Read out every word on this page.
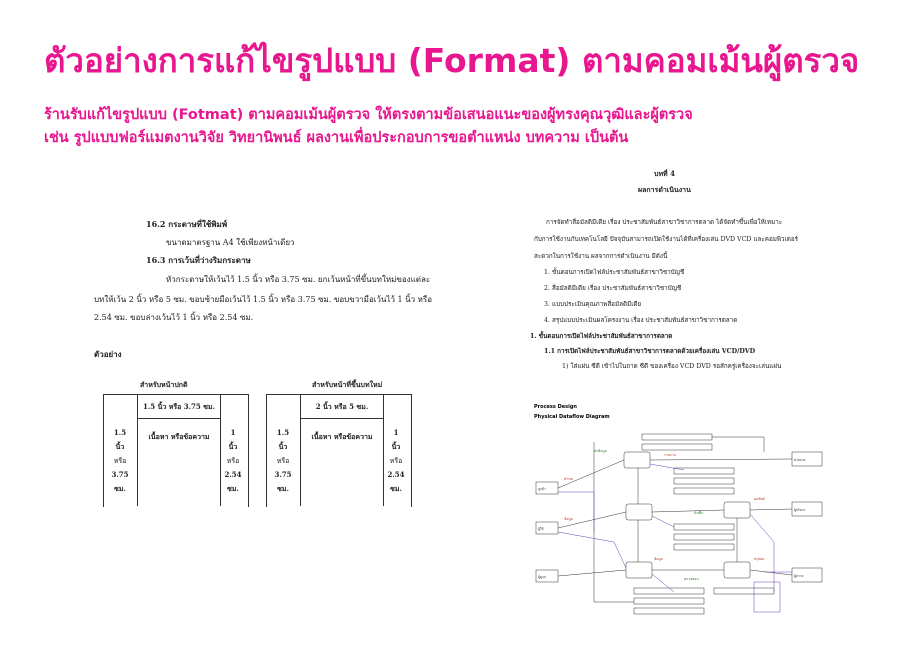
ตัวอย่างการแก้ไขรูปแบบ (Format) ตามคอมเม้นผู้ตรวจ
ร้านรับแก้ไขรูปแบบ (Fotmat) ตามคอมเม้นผู้ตรวจ ให้ตรงตามข้อเสนอแนะของผู้ทรงคุณวุฒิและผู้ตรวจ
เช่น รูปแบบฟอร์แมตงานวิจัย วิทยานิพนธ์ ผลงานเพื่อประกอบการขอตำแหน่ง บทความ เป็นต้น
16.2 กระดาษที่ใช้พิมพ์
ขนาดมาตรฐาน A4 ใช้เพียงหน้าเดียว
16.3 การเว้นที่ว่างริมกระดาษ
หัวกระดาษให้เว้นไว้ 1.5 นิ้ว หรือ 3.75 ซม. ยกเว้นหน้าที่ขึ้นบทใหม่ของแต่ละ
บทให้เว้น 2 นิ้ว หรือ 5 ซม. ขอบซ้ายมือเว้นไว้ 1.5 นิ้ว หรือ 3.75 ซม. ขอบขวามือเว้นไว้ 1 นิ้ว หรือ
2.54 ซม. ขอบล่างเว้นไว้ 1 นิ้ว หรือ 2.54 ซม.
ตัวอย่าง
สำหรับหน้าปกติ
1.5 นิ้ว หรือ 3.75 ซม.
เนื้อหา หรือข้อความ
1.5
นิ้ว
หรือ
3.75
ซม.
1
นิ้ว
หรือ
2.54
ซม.
สำหรับหน้าที่ขึ้นบทใหม่
2 นิ้ว หรือ 5 ซม.
เนื้อหา หรือข้อความ
1.5
นิ้ว
หรือ
3.75
ซม.
1
นิ้ว
หรือ
2.54
ซม.
บทที่ 4
ผลการดำเนินงาน
การจัดทำสื่อมัลติมีเดีย เรื่อง ประชาสัมพันธ์สาขาวิชาการตลาด ได้จัดทำขึ้นเพื่อให้เหมาะ
กับการใช้งานกับเทคโนโลยี ปัจจุบันสามารถเปิดใช้งานได้ที่เครื่องเล่น DVD VCD และคอมพิวเตอร์
สะดวกในการใช้งาน ผลจากการดำเนินงาน มีดังนี้
1. ขั้นตอนการเปิดไฟล์ประชาสัมพันธ์สาขาวิชาบัญชี
2. สื่อมัลติมีเดีย เรื่อง ประชาสัมพันธ์สาขาวิชาบัญชี
3. แบบประเมินคุณภาพสื่อมัลติมีเดีย
4. สรุปแบบประเมินผลโครงงาน เรื่อง ประชาสัมพันธ์สาขาวิชาการตลาด
1. ขั้นตอนการเปิดไฟล์ประชาสัมพันธ์สาขาการตลาด
1.1 การเปิดไฟล์ประชาสัมพันธ์สาขาวิชาการตลาดด้วยเครื่องเล่น VCD/DVD
1) ใส่แผ่น ซีดี เข้าไปในถาด ซีดี ของเครื่อง VCD DVD รอสักครู่เครื่องจะเล่นแผ่น
Process Design
Physical Dataflow Diagram
คำขอ
ข้อมูล
รายงาน
ผลลัพธ์
ข้อมูล	สรุปผล
ส่งข้อมูล
บันทึก
ตรวจสอบ
ลูกค้า
ผู้ใช้
ผู้ดูแล
ฝ่ายขาย
ผู้บริหาร
ผู้ตรวจ
